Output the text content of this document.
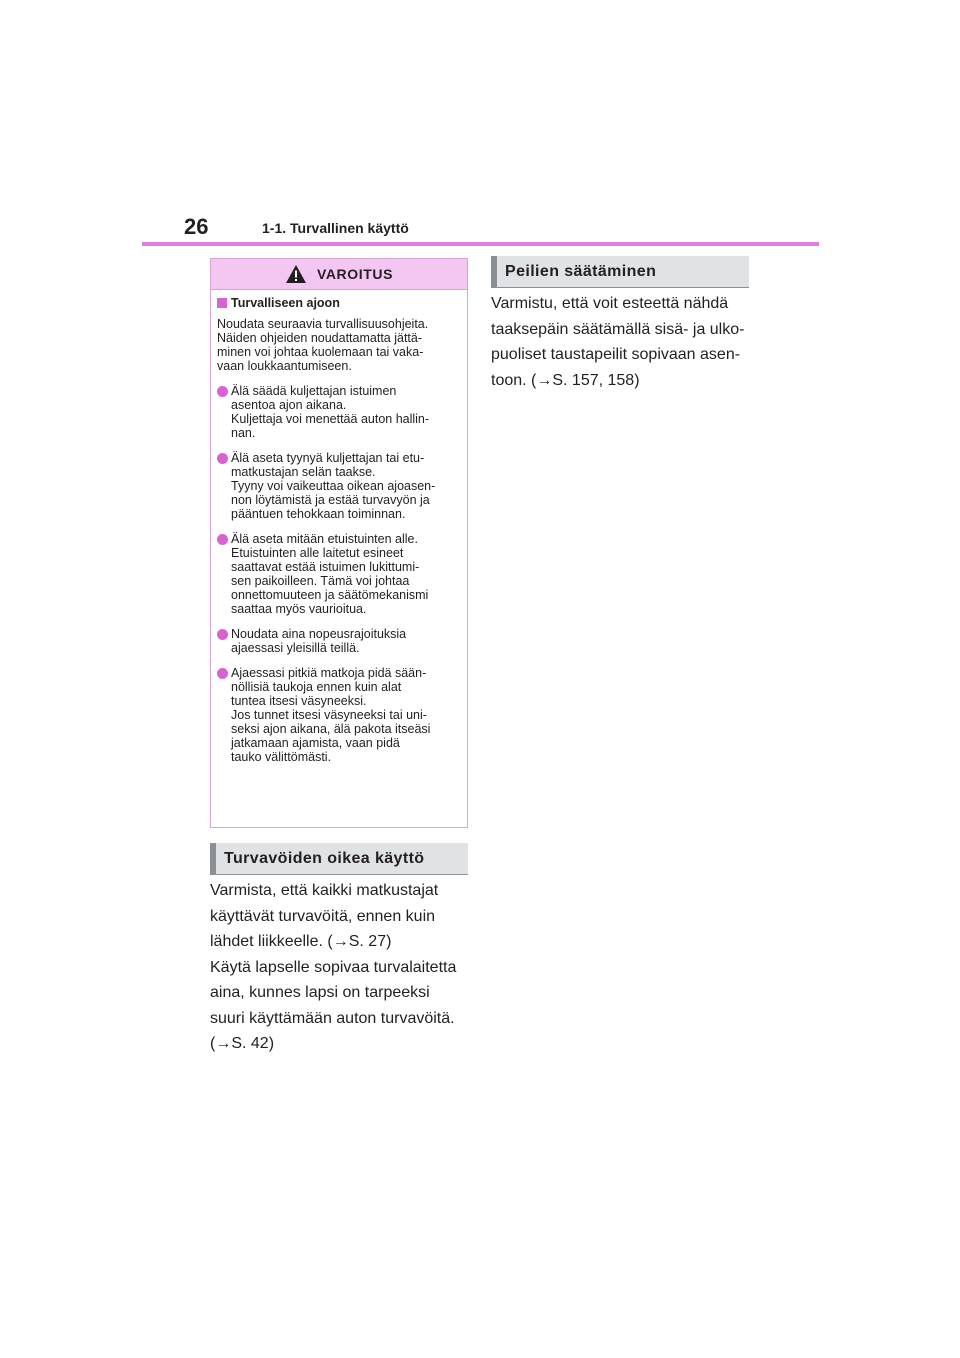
26	1-1. Turvallinen käyttö
VAROITUS
Turvalliseen ajoon
Noudata seuraavia turvallisuusohjeita.
Näiden ohjeiden noudattamatta jättä-
minen voi johtaa kuolemaan tai vaka-
vaan loukkaantumiseen.
Älä säädä kuljettajan istuimen
asentoa ajon aikana.
Kuljettaja voi menettää auton hallin-
nan.
Älä aseta tyynyä kuljettajan tai etu-
matkustajan selän taakse.
Tyyny voi vaikeuttaa oikean ajoasen-
non löytämistä ja estää turvavyön ja
pääntuen tehokkaan toiminnan.
Älä aseta mitään etuistuinten alle.
Etuistuinten alle laitetut esineet
saattavat estää istuimen lukittumi-
sen paikoilleen. Tämä voi johtaa
onnettomuuteen ja säätömekanismi
saattaa myös vaurioitua.
Noudata aina nopeusrajoituksia
ajaessasi yleisillä teillä.
Ajaessasi pitkiä matkoja pidä sään-
nöllisiä taukoja ennen kuin alat
tuntea itsesi väsyneeksi.
Jos tunnet itsesi väsyneeksi tai uni-
seksi ajon aikana, älä pakota itseäsi
jatkamaan ajamista, vaan pidä
tauko välittömästi.
Turvavöiden oikea käyttö
Varmista, että kaikki matkustajat
käyttävät turvavöitä, ennen kuin
lähdet liikkeelle. (→S. 27)
Käytä lapselle sopivaa turvalaitetta
aina, kunnes lapsi on tarpeeksi
suuri käyttämään auton turvavöitä.
(→S. 42)
Peilien säätäminen
Varmistu, että voit esteettä nähdä
taaksepäin säätämällä sisä- ja ulko-
puoliset taustapeilit sopivaan asen-
toon. (→S. 157, 158)
